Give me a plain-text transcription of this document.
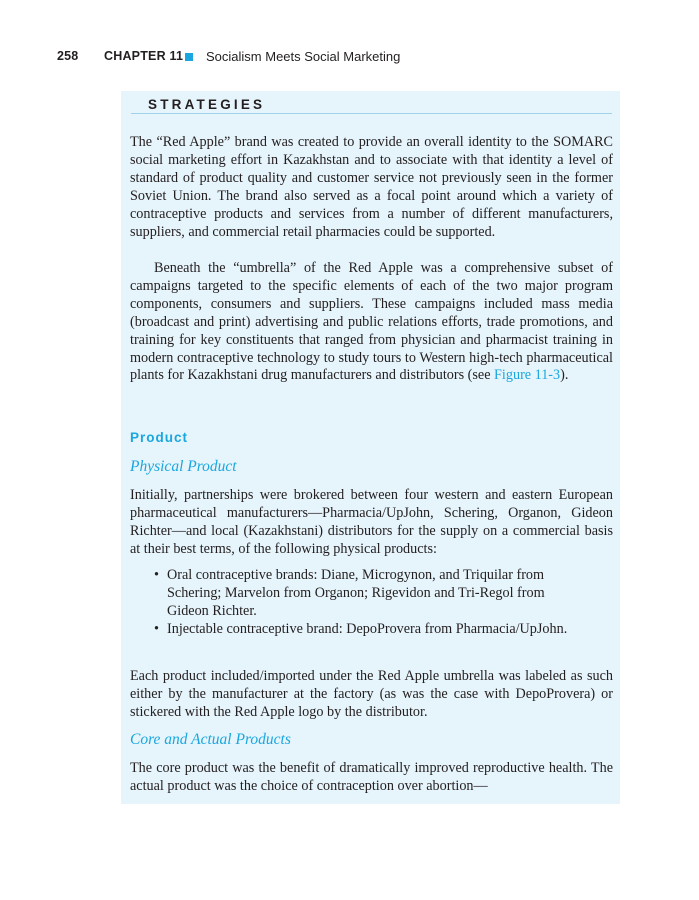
258 CHAPTER 11 Socialism Meets Social Marketing
STRATEGIES

The “Red Apple” brand was created to provide an overall identity to the SOMARC social marketing effort in Kazakhstan and to associate with that identity a level of standard of product quality and customer service not previously seen in the former Soviet Union. The brand also served as a focal point around which a variety of contraceptive products and services from a number of different manufacturers, suppliers, and commercial retail pharmacies could be supported.

Beneath the “umbrella” of the Red Apple was a comprehensive subset of campaigns targeted to the specific elements of each of the two major program components, consumers and suppliers. These campaigns included mass media (broadcast and print) advertising and public relations efforts, trade promotions, and training for key constituents that ranged from physician and pharmacist training in modern contraceptive technology to study tours to Western high-tech pharmaceutical plants for Kazakhstani drug manufacturers and distributors (see Figure 11-3).

Product
Physical Product

Initially, partnerships were brokered between four western and eastern European pharmaceutical manufacturers—Pharmacia/UpJohn, Schering, Organon, Gideon Richter—and local (Kazakhstani) distributors for the supply on a commercial basis at their best terms, of the following physical products:

• Oral contraceptive brands: Diane, Microgynon, and Triquilar from Schering; Marvelon from Organon; Rigevidon and Tri-Regol from Gideon Richter.
• Injectable contraceptive brand: DepoProvera from Pharmacia/UpJohn.

Each product included/imported under the Red Apple umbrella was labeled as such either by the manufacturer at the factory (as was the case with DepoProvera) or stickered with the Red Apple logo by the distributor.

Core and Actual Products

The core product was the benefit of dramatically improved reproductive health. The actual product was the choice of contraception over abortion—
